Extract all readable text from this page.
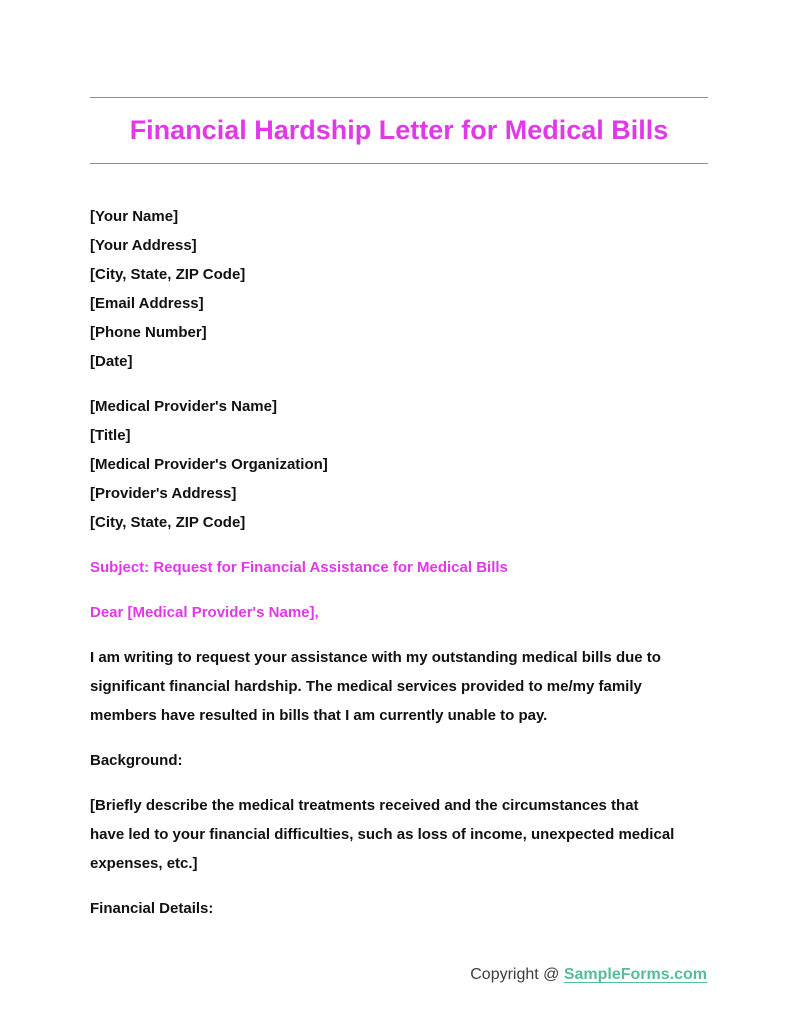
Financial Hardship Letter for Medical Bills
[Your Name]
[Your Address]
[City, State, ZIP Code]
[Email Address]
[Phone Number]
[Date]
[Medical Provider's Name]
[Title]
[Medical Provider's Organization]
[Provider's Address]
[City, State, ZIP Code]
Subject: Request for Financial Assistance for Medical Bills
Dear [Medical Provider's Name],
I am writing to request your assistance with my outstanding medical bills due to
significant financial hardship. The medical services provided to me/my family
members have resulted in bills that I am currently unable to pay.
Background:
[Briefly describe the medical treatments received and the circumstances that
have led to your financial difficulties, such as loss of income, unexpected medical
expenses, etc.]
Financial Details:
Copyright @ SampleForms.com
